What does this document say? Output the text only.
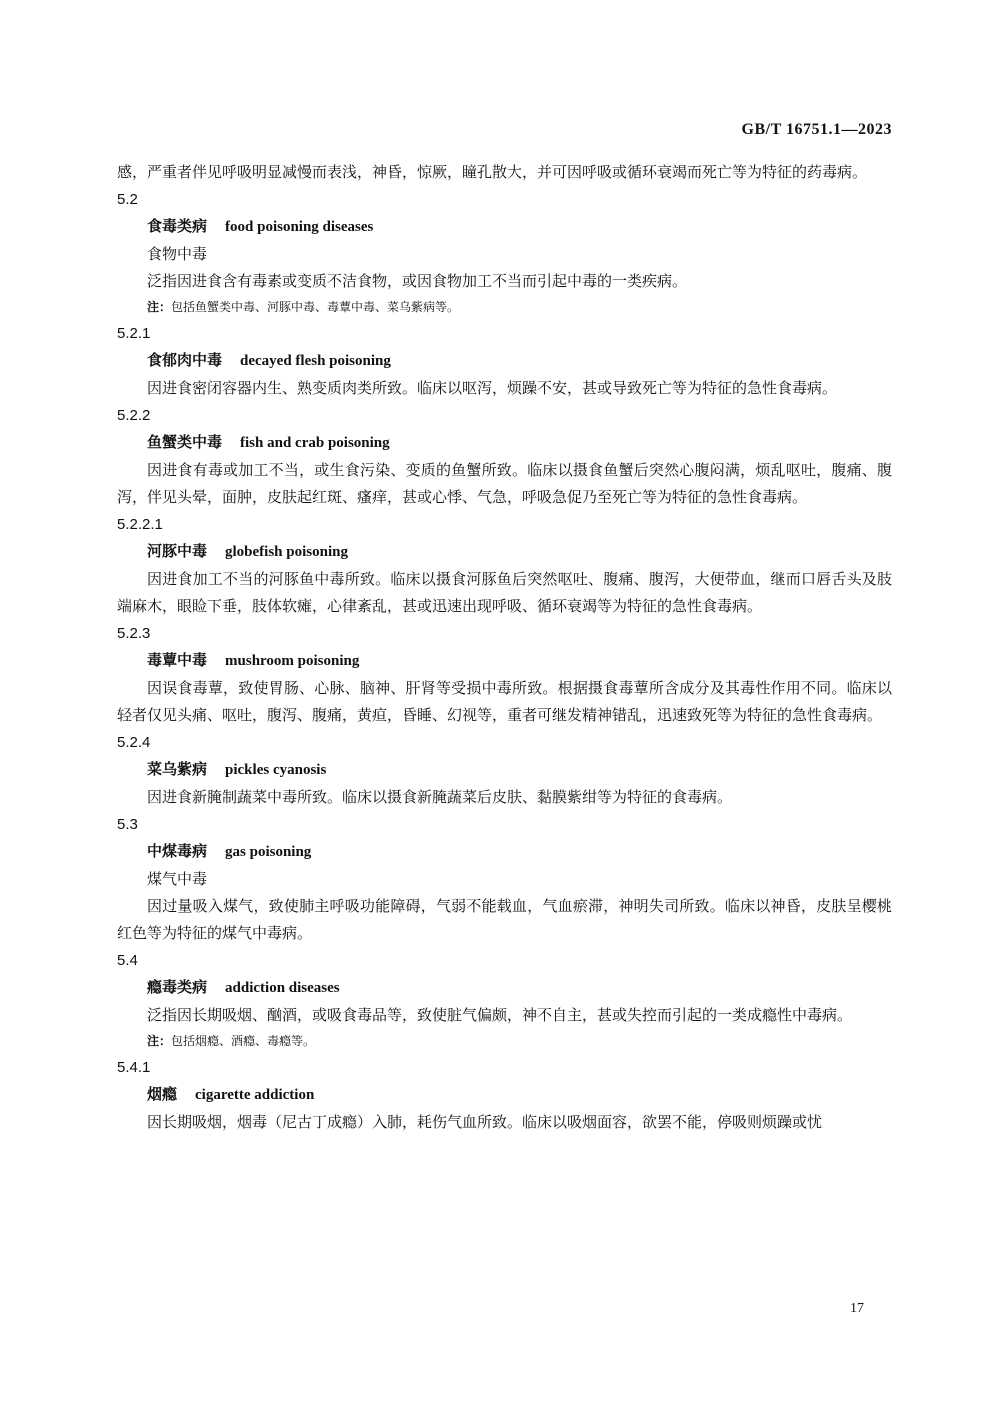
GB/T 16751.1—2023

感，严重者伴见呼吸明显减慢而表浅，神昏，惊厥，瞳孔散大，并可因呼吸或循环衰竭而死亡等为特征的药毒病。

5.2

食毒类病 food poisoning diseases

食物中毒

泛指因进食含有毒素或变质不洁食物，或因食物加工不当而引起中毒的一类疾病。

注：包括鱼蟹类中毒、河豚中毒、毒蕈中毒、菜乌紫病等。

5.2.1

食郁肉中毒 decayed flesh poisoning

因进食密闭容器内生、熟变质肉类所致。临床以呕泻，烦躁不安，甚或导致死亡等为特征的急性食毒病。

5.2.2

鱼蟹类中毒 fish and crab poisoning

因进食有毒或加工不当，或生食污染、变质的鱼蟹所致。临床以摄食鱼蟹后突然心腹闷满，烦乱呕吐，腹痛、腹泻，伴见头晕，面肿，皮肤起红斑、瘙痒，甚或心悸、气急，呼吸急促乃至死亡等为特征的急性食毒病。

5.2.2.1

河豚中毒 globefish poisoning

因进食加工不当的河豚鱼中毒所致。临床以摄食河豚鱼后突然呕吐、腹痛、腹泻，大便带血，继而口唇舌头及肢端麻木，眼睑下垂，肢体软瘫，心律紊乱，甚或迅速出现呼吸、循环衰竭等为特征的急性食毒病。

5.2.3

毒蕈中毒 mushroom poisoning

因误食毒蕈，致使胃肠、心脉、脑神、肝肾等受损中毒所致。根据摄食毒蕈所含成分及其毒性作用不同。临床以轻者仅见头痛、呕吐，腹泻、腹痛，黄疸，昏睡、幻视等，重者可继发精神错乱，迅速致死等为特征的急性食毒病。

5.2.4

菜乌紫病 pickles cyanosis

因进食新腌制蔬菜中毒所致。临床以摄食新腌蔬菜后皮肤、黏膜紫绀等为特征的食毒病。

5.3

中煤毒病 gas poisoning

煤气中毒

因过量吸入煤气，致使肺主呼吸功能障碍，气弱不能载血，气血瘀滞，神明失司所致。临床以神昏，皮肤呈樱桃红色等为特征的煤气中毒病。

5.4

瘾毒类病 addiction diseases

泛指因长期吸烟、酗酒，或吸食毒品等，致使脏气偏颇，神不自主，甚或失控而引起的一类成瘾性中毒病。

注：包括烟瘾、酒瘾、毒瘾等。

5.4.1

烟瘾 cigarette addiction

因长期吸烟，烟毒（尼古丁成瘾）入肺，耗伤气血所致。临床以吸烟面容，欲罢不能，停吸则烦躁或忧

17
